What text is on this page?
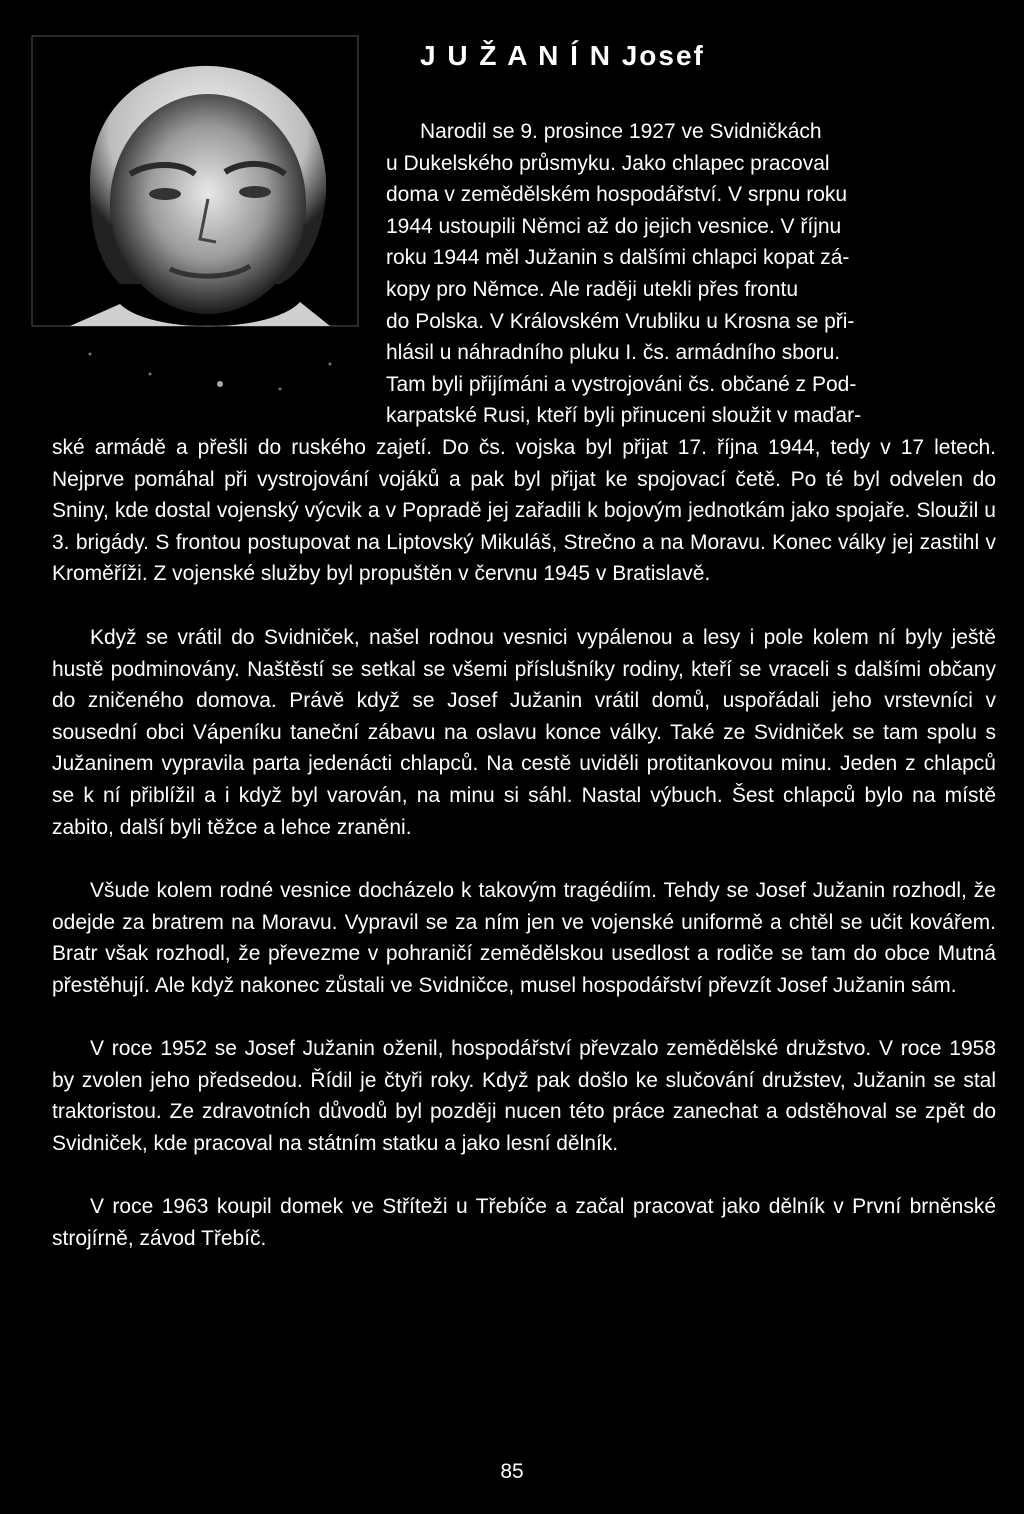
J U Ž A N Í N Josef
Narodil se 9. prosince 1927 ve Svidničkách
u Dukelského průsmyku. Jako chlapec pracoval
doma v zemědělském hospodářství. V srpnu roku
1944 ustoupili Němci až do jejich vesnice. V říjnu
roku 1944 měl Južanin s dalšími chlapci kopat zá-
kopy pro Němce. Ale raději utekli přes frontu
do Polska. V Královském Vrubliku u Krosna se při-
hlásil u náhradního pluku I. čs. armádního sboru.
Tam byli přijímáni a vystrojováni čs. občané z Pod-
karpatské Rusi, kteří byli přinuceni sloužit v maďar-

ské armádě a přešli do ruského zajetí. Do čs. vojska byl přijat 17. října 1944, tedy v 17 letech. Nejprve pomáhal při vystrojování vojáků a pak byl přijat ke spojovací četě. Po té byl odvelen do Sniny, kde dostal vojenský výcvik a v Popradě jej zařadili k bojovým jednotkám jako spojaře. Sloužil u 3. brigády. S frontou postupovat na Liptovský Mikuláš, Strečno a na Moravu. Konec války jej zastihl v Kroměříži. Z vojenské služby byl propuštěn v červnu 1945 v Bratislavě.

Když se vrátil do Svidniček, našel rodnou vesnici vypálenou a lesy i pole kolem ní byly ještě hustě podminovány. Naštěstí se setkal se všemi příslušníky rodiny, kteří se vraceli s dalšími občany do zničeného domova. Právě když se Josef Južanin vrátil domů, uspořádali jeho vrstevníci v sousední obci Vápeníku taneční zábavu na oslavu konce války. Také ze Svidniček se tam spolu s Južaninem vypravila parta jedenácti chlapců. Na cestě uviděli protitankovou minu. Jeden z chlapců se k ní přiblížil a i když byl varován, na minu si sáhl. Nastal výbuch. Šest chlapců bylo na místě zabito, další byli těžce a lehce zraněni.

Všude kolem rodné vesnice docházelo k takovým tragédiím. Tehdy se Josef Južanin rozhodl, že odejde za bratrem na Moravu. Vypravil se za ním jen ve vojenské uniformě a chtěl se učit kovářem. Bratr však rozhodl, že převezme v pohraničí zemědělskou usedlost a rodiče se tam do obce Mutná přestěhují. Ale když nakonec zůstali ve Svidničce, musel hospodářství převzít Josef Južanin sám.

V roce 1952 se Josef Južanin oženil, hospodářství převzalo zemědělské družstvo. V roce 1958 by zvolen jeho předsedou. Řídil je čtyři roky. Když pak došlo ke slučování družstev, Južanin se stal traktoristou. Ze zdravotních důvodů byl později nucen této práce zanechat a odstěhoval se zpět do Svidniček, kde pracoval na státním statku a jako lesní dělník.

V roce 1963 koupil domek ve Stříteži u Třebíče a začal pracovat jako dělník v První brněnské strojírně, závod Třebíč.

85
